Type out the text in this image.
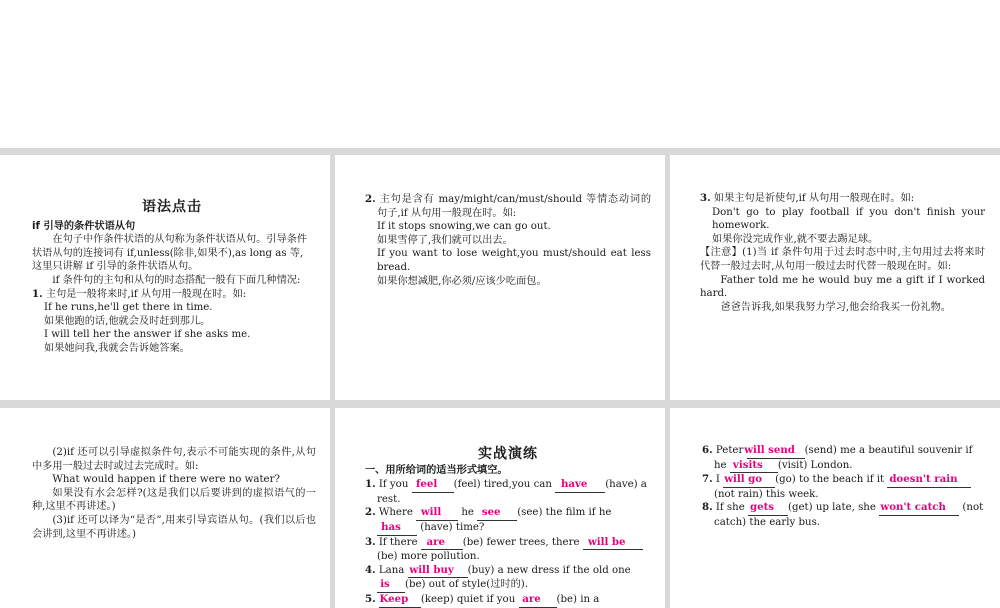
语法点击
if 引导的条件状语从句

在句子中作条件状语的从句称为条件状语从句。引导条件状语从句的连接词有 if,unless(除非,如果不),as long as 等,这里只讲解 if 引导的条件状语从句。

if 条件句的主句和从句的时态搭配一般有下面几种情况:

1. 主句是一般将来时,if 从句用一般现在时。如:

If he runs,he'll get there in time.

如果他跑的话,他就会及时赶到那儿。

I will tell her the answer if she asks me.

如果她问我,我就会告诉她答案。

2. 主句是含有 may/might/can/must/should 等情态动词的句子,if 从句用一般现在时。如:

If it stops snowing,we can go out.

如果雪停了,我们就可以出去。

If you want to lose weight,you must/should eat less bread.

如果你想减肥,你必须/应该少吃面包。

3. 如果主句是祈使句,if 从句用一般现在时。如:

Don't go to play football if you don't finish your homework.

如果你没完成作业,就不要去踢足球。

【注意】(1)当 if 条件句用于过去时态中时,主句用过去将来时代替一般过去时,从句用一般过去时代替一般现在时。如:

Father told me he would buy me a gift if I worked hard.

爸爸告诉我,如果我努力学习,他会给我买一份礼物。

(2)if 还可以引导虚拟条件句,表示不可能实现的条件,从句中多用一般过去时或过去完成时。如:

What would happen if there were no water?

如果没有水会怎样?(这是我们以后要讲到的虚拟语气的一种,这里不再讲述。)

(3)if 还可以译为“是否”,用来引导宾语从句。(我们以后也会讲到,这里不再讲述。)

实战演练
一、用所给词的适当形式填空。

1. If you feel (feel) tired,you can have (have) a rest.

2. Where will he see (see) the film if he has (have) time?

3. If there are (be) fewer trees, there will be (be) more pollution.

4. Lana will buy (buy) a new dress if the old one is (be) out of style(过时的).

5. Keep (keep) quiet if you are (be) in a

6. Peter will send (send) me a beautiful souvenir if he visits (visit) London.

7. I will go (go) to the beach if it doesn't rain (not rain) this week.

8. If she gets (get) up late, she won't catch (not catch) the early bus.
